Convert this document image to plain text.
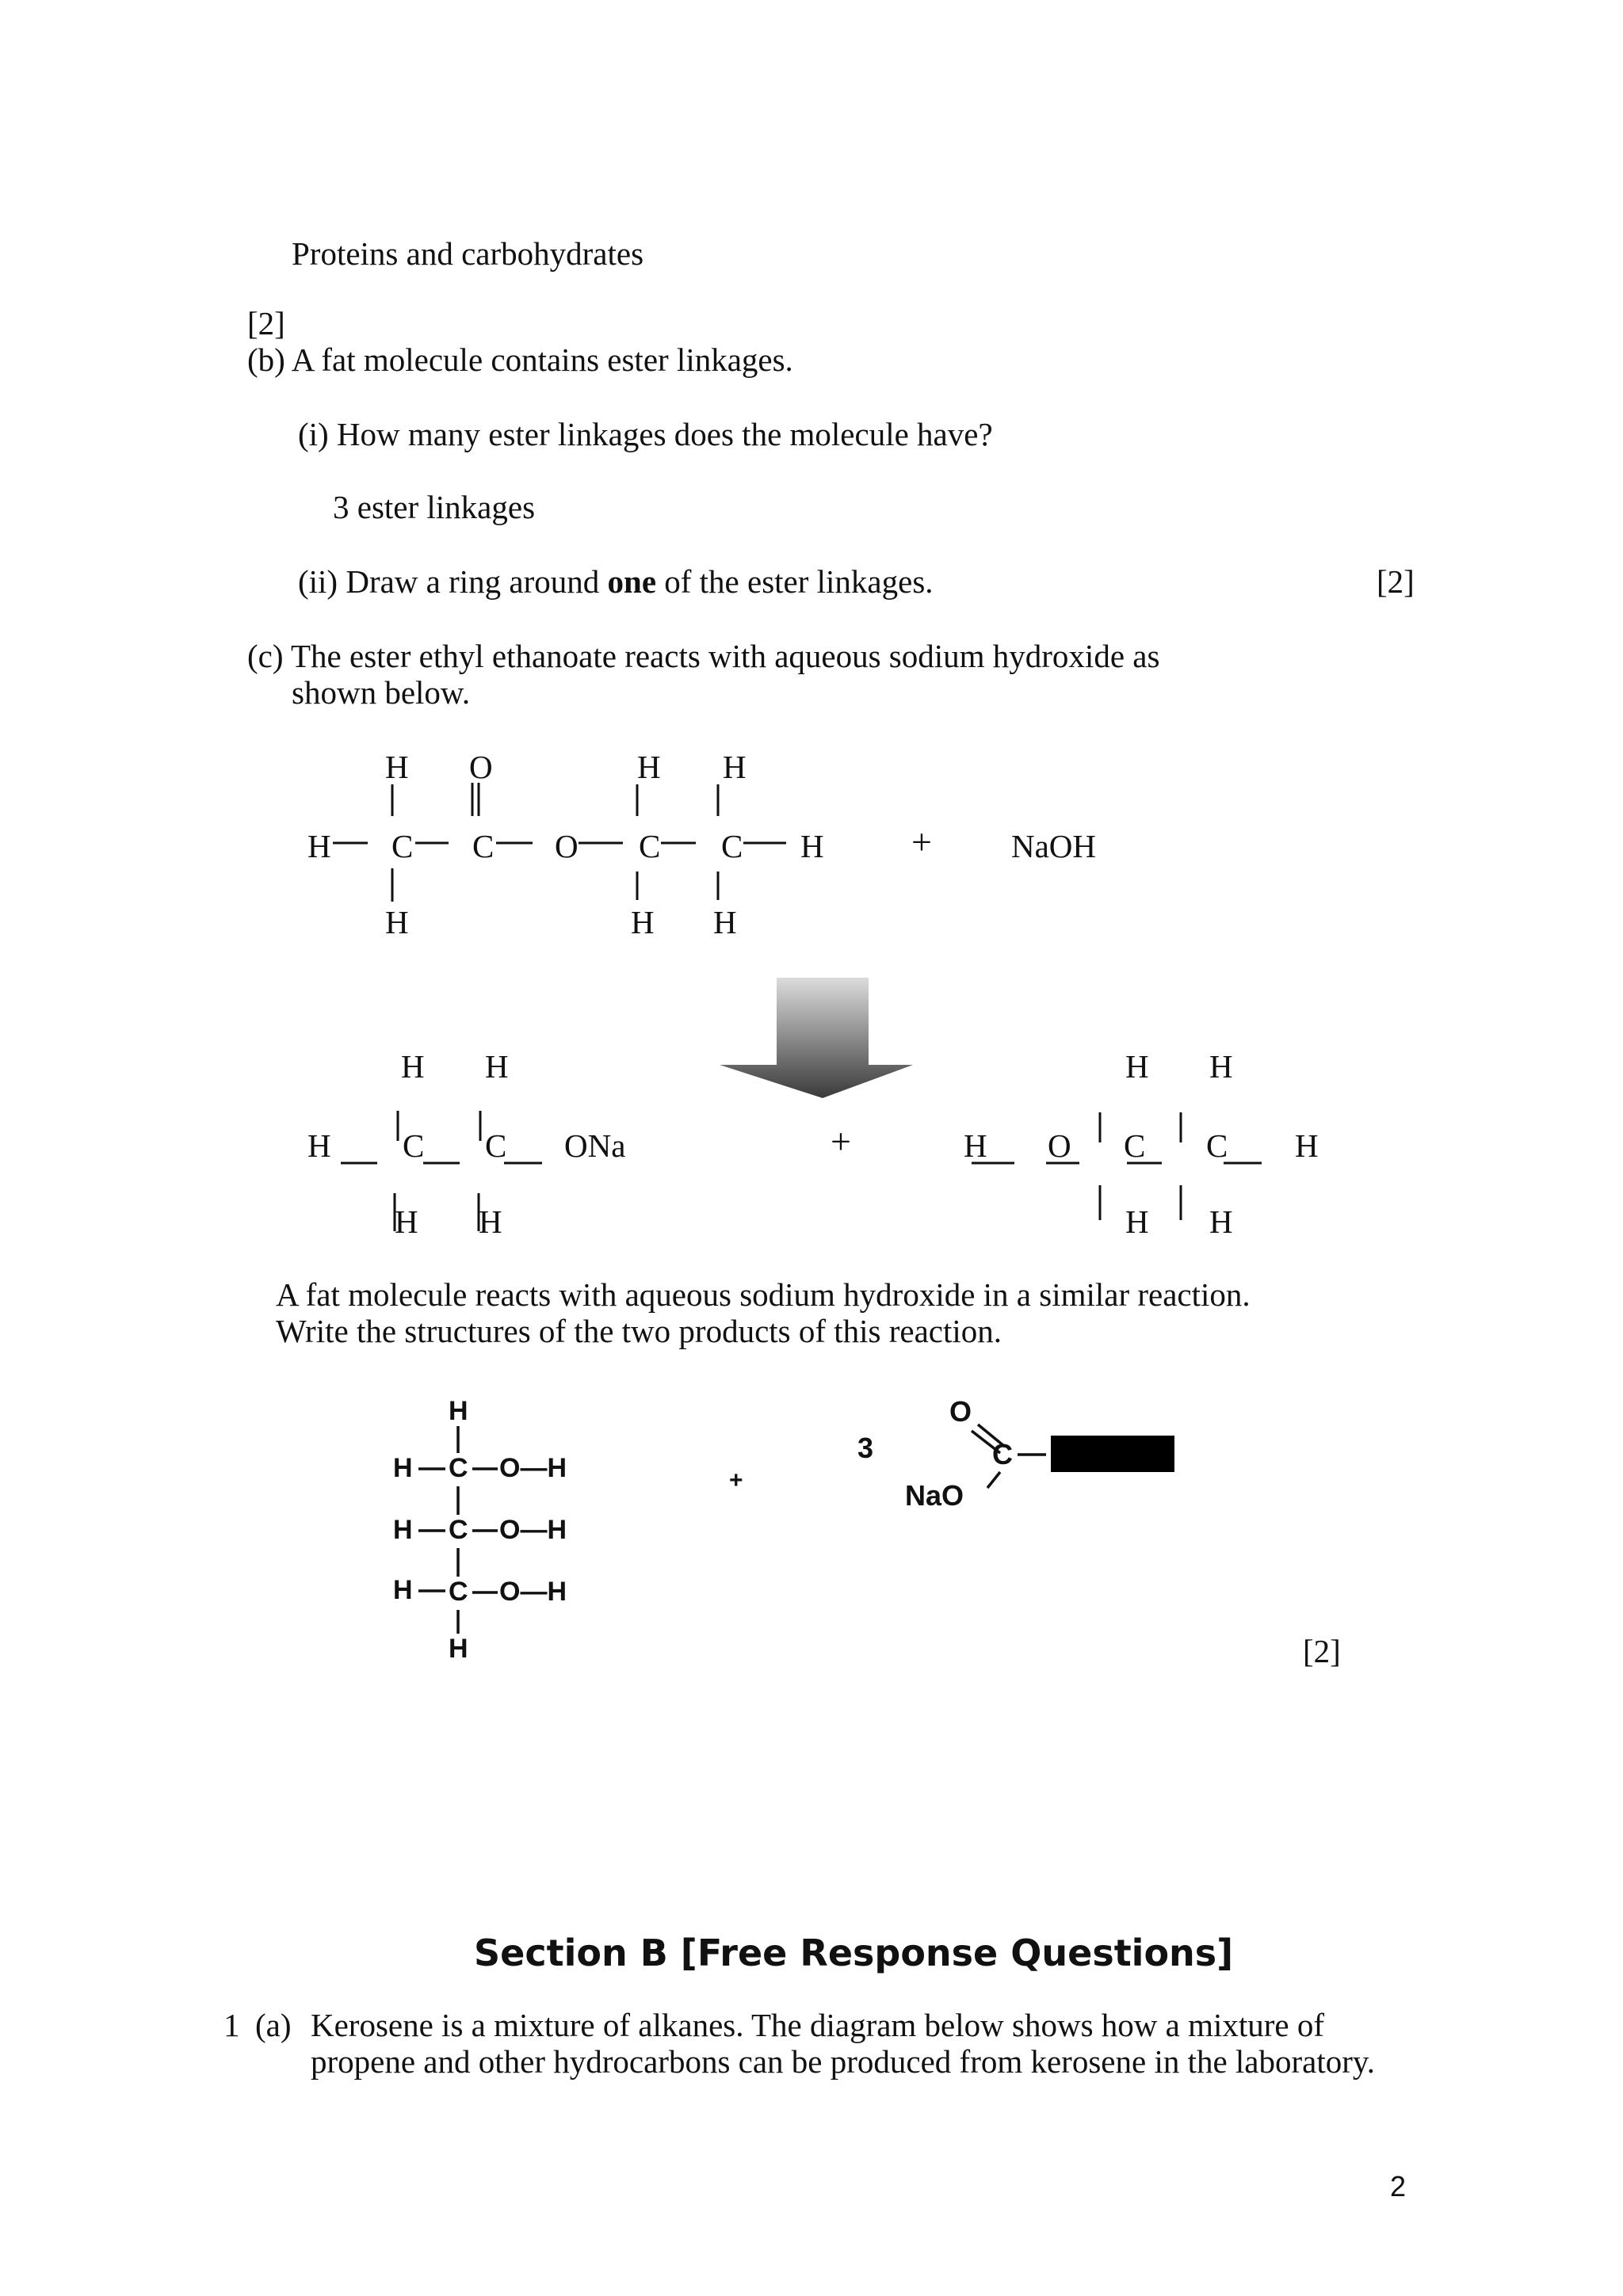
Proteins and carbohydrates
[2]
(b) A fat molecule contains ester linkages.
(i) How many ester linkages does the molecule have?
3 ester linkages
(ii) Draw a ring around one of the ester linkages.	[2]
(c) The ester ethyl ethanoate reacts with aqueous sodium hydroxide as
shown below.
H O	H H
H C C O C C H
H	H H
+ NaOH
H H
H C C ONa
H H
+
H H
H O C C H
H H
A fat molecule reacts with aqueous sodium hydroxide in a similar reaction.
Write the structures of the two products of this reaction.
H
H C O—H
H C O—H
H C O—H
H
+
3
O
C
NaO
[2]
Section B [Free Response Questions]
1 (a) Kerosene is a mixture of alkanes. The diagram below shows how a mixture of
propene and other hydrocarbons can be produced from kerosene in the laboratory.
2
